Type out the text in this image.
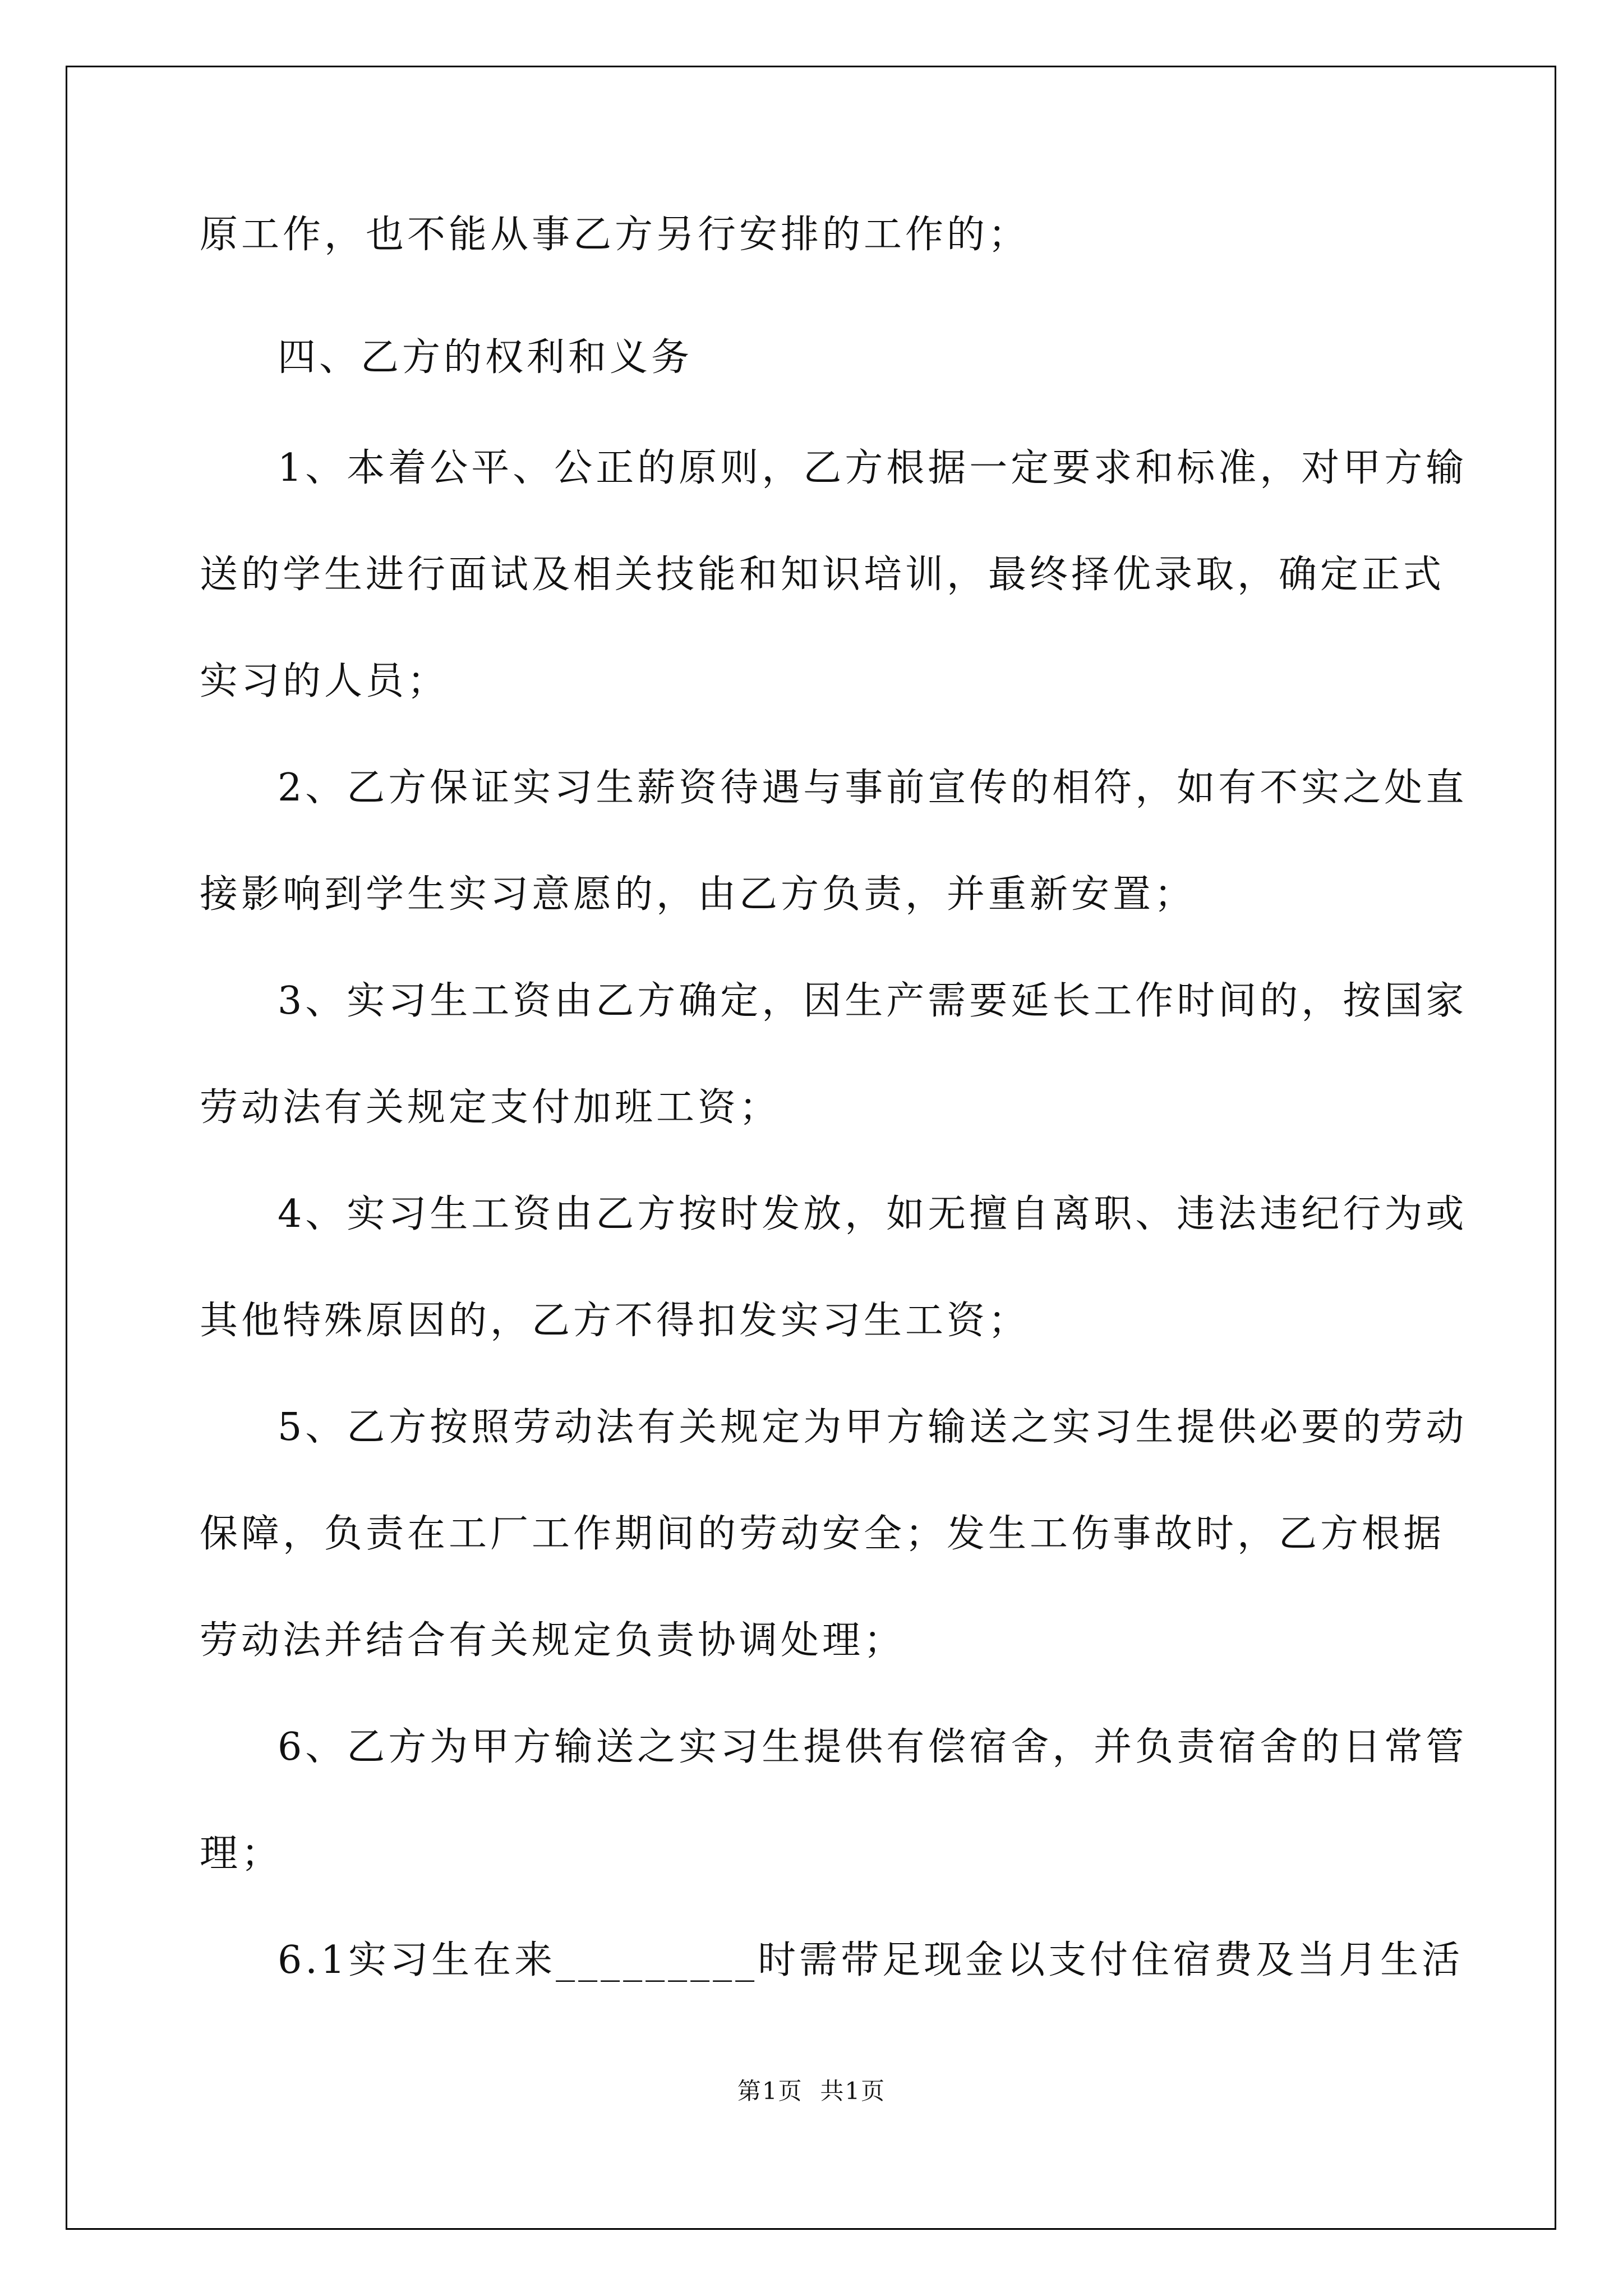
原工作，也不能从事乙方另行安排的工作的；
四、乙方的权利和义务
1、本着公平、公正的原则，乙方根据一定要求和标准，对甲方输
送的学生进行面试及相关技能和知识培训，最终择优录取，确定正式
实习的人员；
2、乙方保证实习生薪资待遇与事前宣传的相符，如有不实之处直
接影响到学生实习意愿的，由乙方负责，并重新安置；
3、实习生工资由乙方确定，因生产需要延长工作时间的，按国家
劳动法有关规定支付加班工资；
4、实习生工资由乙方按时发放，如无擅自离职、违法违纪行为或
其他特殊原因的，乙方不得扣发实习生工资；
5、乙方按照劳动法有关规定为甲方输送之实习生提供必要的劳动
保障，负责在工厂工作期间的劳动安全；发生工伤事故时，乙方根据
劳动法并结合有关规定负责协调处理；
6、乙方为甲方输送之实习生提供有偿宿舍，并负责宿舍的日常管
理；
6.1实习生在来_________时需带足现金以支付住宿费及当月生活
第1页  共1页
